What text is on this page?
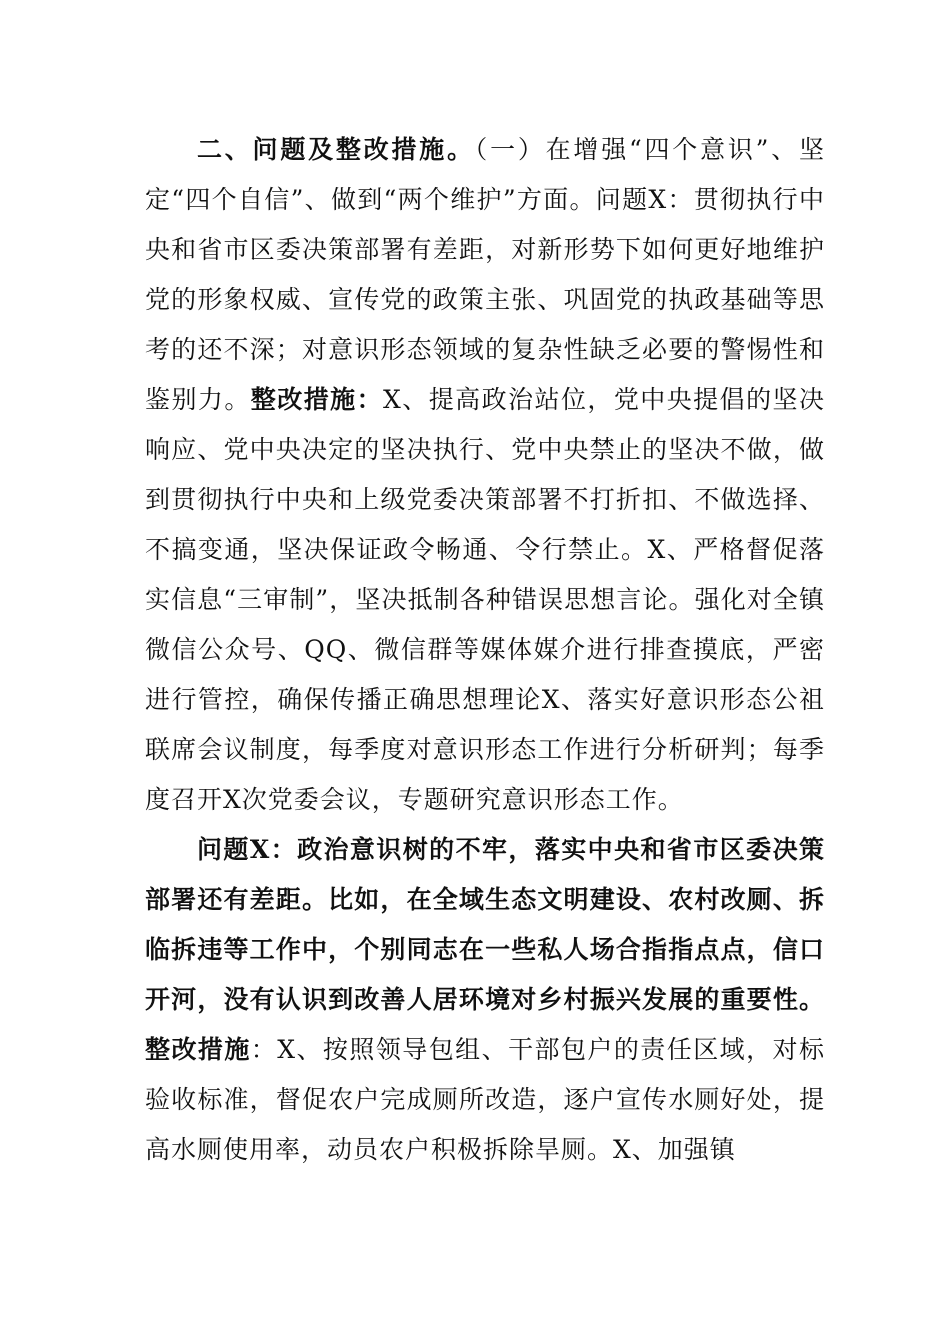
二、问题及整改措施。（一）在增强“四个意识”、坚定“四个自信”、做到“两个维护”方面。问题X：贯彻执行中央和省市区委决策部署有差距，对新形势下如何更好地维护党的形象权威、宣传党的政策主张、巩固党的执政基础等思考的还不深；对意识形态领域的复杂性缺乏必要的警惕性和鉴别力。整改措施：X、提高政治站位，党中央提倡的坚决响应、党中央决定的坚决执行、党中央禁止的坚决不做，做到贯彻执行中央和上级党委决策部署不打折扣、不做选择、不搞变通，坚决保证政令畅通、令行禁止。X、严格督促落实信息“三审制”，坚决抵制各种错误思想言论。强化对全镇微信公众号、QQ、微信群等媒体媒介进行排查摸底，严密进行管控，确保传播正确思想理论X、落实好意识形态公祖联席会议制度，每季度对意识形态工作进行分析研判；每季度召开X次党委会议，专题研究意识形态工作。

问题X：政治意识树的不牢，落实中央和省市区委决策部署还有差距。比如，在全域生态文明建设、农村改厕、拆临拆违等工作中，个别同志在一些私人场合指指点点，信口开河，没有认识到改善人居环境对乡村振兴发展的重要性。整改措施：X、按照领导包组、干部包户的责任区域，对标验收标准，督促农户完成厕所改造，逐户宣传水厕好处，提高水厕使用率，动员农户积极拆除旱厕。X、加强镇
